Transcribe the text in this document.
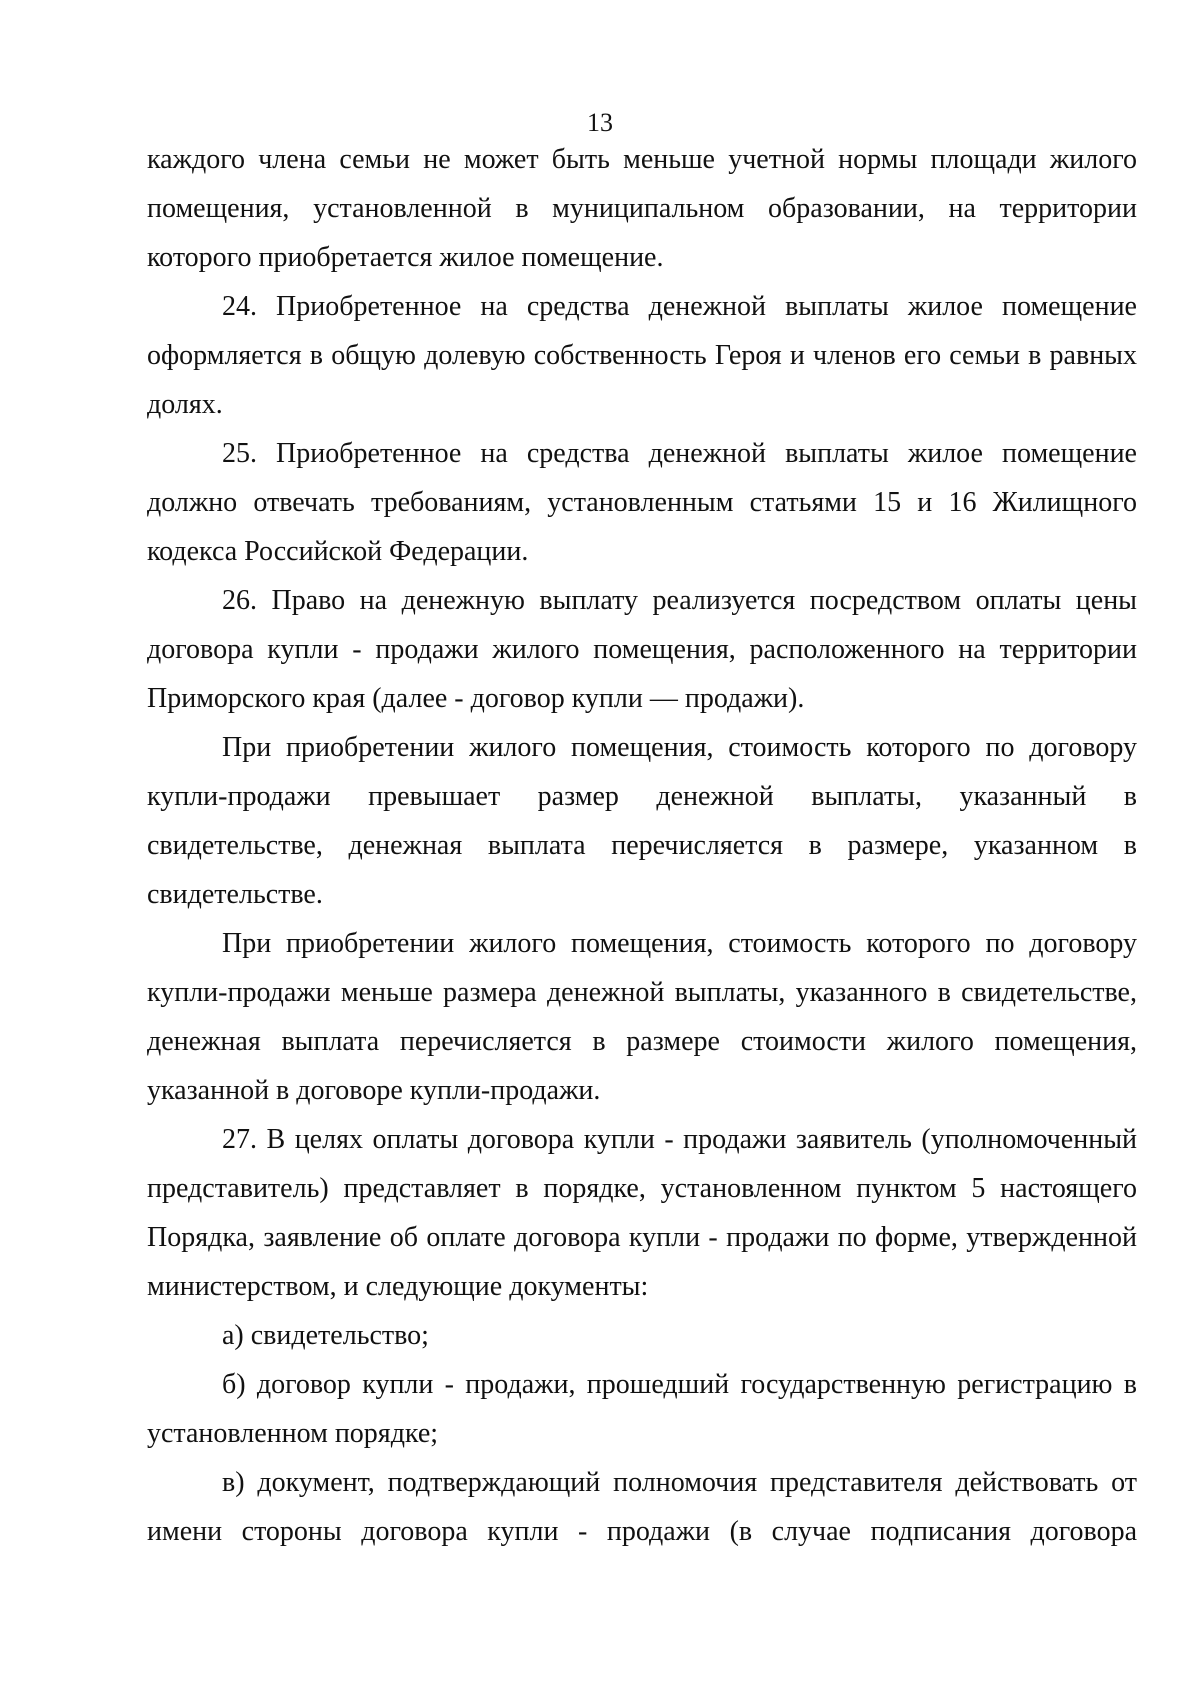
13

каждого члена семьи не может быть меньше учетной нормы площади жилого помещения, установленной в муниципальном образовании, на территории которого приобретается жилое помещение.

24. Приобретенное на средства денежной выплаты жилое помещение оформляется в общую долевую собственность Героя и членов его семьи в равных долях.

25. Приобретенное на средства денежной выплаты жилое помещение должно отвечать требованиям, установленным статьями 15 и 16 Жилищного кодекса Российской Федерации.

26. Право на денежную выплату реализуется посредством оплаты цены договора купли - продажи жилого помещения, расположенного на территории Приморского края (далее - договор купли — продажи).

При приобретении жилого помещения, стоимость которого по договору купли-продажи превышает размер денежной выплаты, указанный в свидетельстве, денежная выплата перечисляется в размере, указанном в свидетельстве.

При приобретении жилого помещения, стоимость которого по договору купли-продажи меньше размера денежной выплаты, указанного в свидетельстве, денежная выплата перечисляется в размере стоимости жилого помещения, указанной в договоре купли-продажи.

27. В целях оплаты договора купли - продажи заявитель (уполномоченный представитель) представляет в порядке, установленном пунктом 5 настоящего Порядка, заявление об оплате договора купли - продажи по форме, утвержденной министерством, и следующие документы:

а) свидетельство;

б) договор купли - продажи, прошедший государственную регистрацию в установленном порядке;

в) документ, подтверждающий полномочия представителя действовать от имени стороны договора купли - продажи (в случае подписания договора
